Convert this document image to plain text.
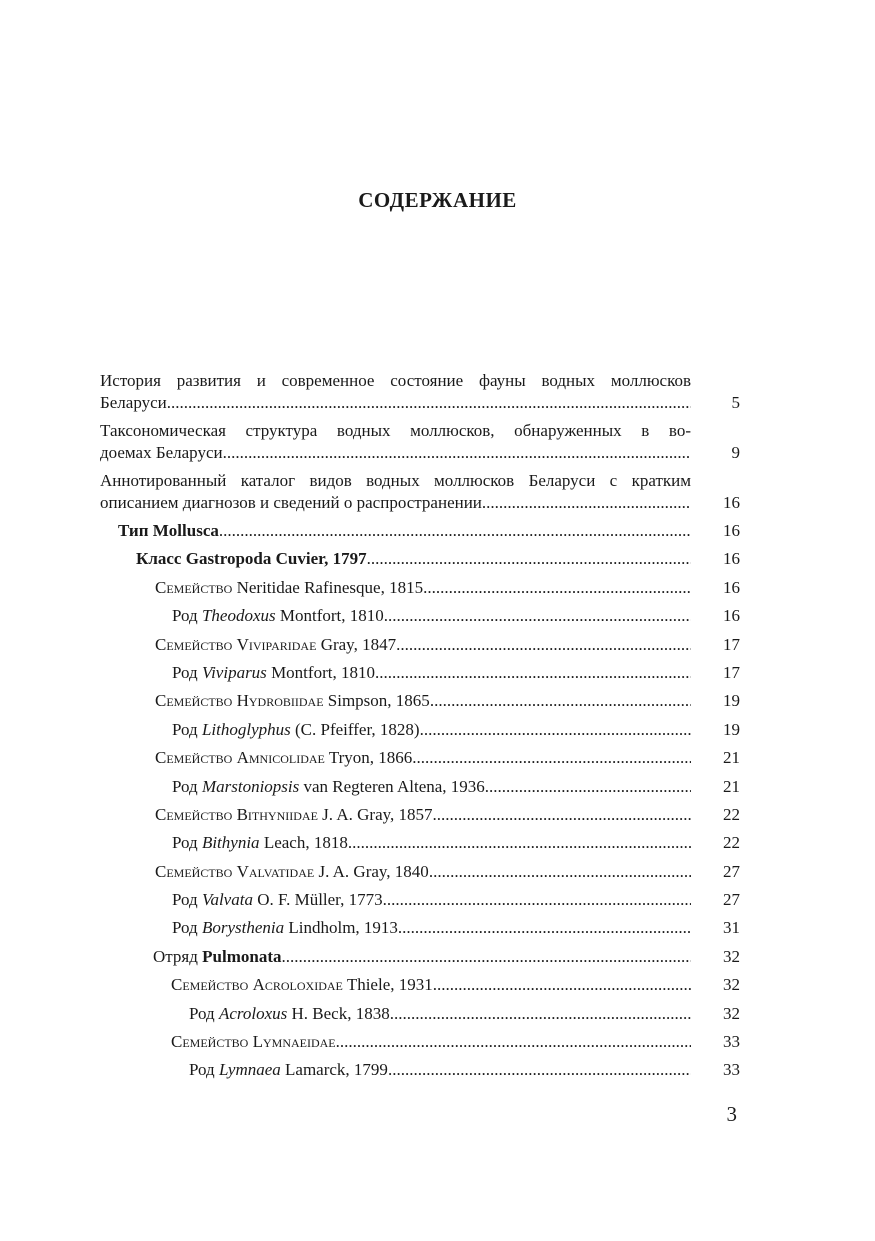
СОДЕРЖАНИЕ
История развития и современное состояние фауны водных моллюсков
Беларуси .....	5
Таксономическая структура водных моллюсков, обнаруженных в во-
доемах Беларуси .....	9
Аннотированный каталог видов водных моллюсков Беларуси с кратким
описанием диагнозов и сведений о распространении .....	16
Тип Mollusca .....	16
Класс Gastropoda Cuvier, 1797 .....	16
Семейство Neritidae Rafinesque, 1815 .....	16
Род Theodoxus Montfort, 1810 .....	16
Семейство Viviparidae Gray, 1847 .....	17
Род Viviparus Montfort, 1810 .....	17
Семейство Hydrobiidae Simpson, 1865 .....	19
Род Lithoglyphus (C. Pfeiffer, 1828) .....	19
Семейство Amnicolidae Tryon, 1866 .....	21
Род Marstoniopsis van Regteren Altena, 1936 .....	21
Семейство Bithyniidae J. A. Gray, 1857 .....	22
Род Bithynia Leach, 1818 .....	22
Семейство Valvatidae J. A. Gray, 1840 .....	27
Род Valvata O. F. Müller, 1773 .....	27
Род Borysthenia Lindholm, 1913 .....	31
Отряд Pulmonata .....	32
Семейство Acroloxidae Thiele, 1931 .....	32
Род Acroloxus H. Beck, 1838 .....	32
Семейство Lymnaeidae .....	33
Род Lymnaea Lamarck, 1799 .....	33
3
